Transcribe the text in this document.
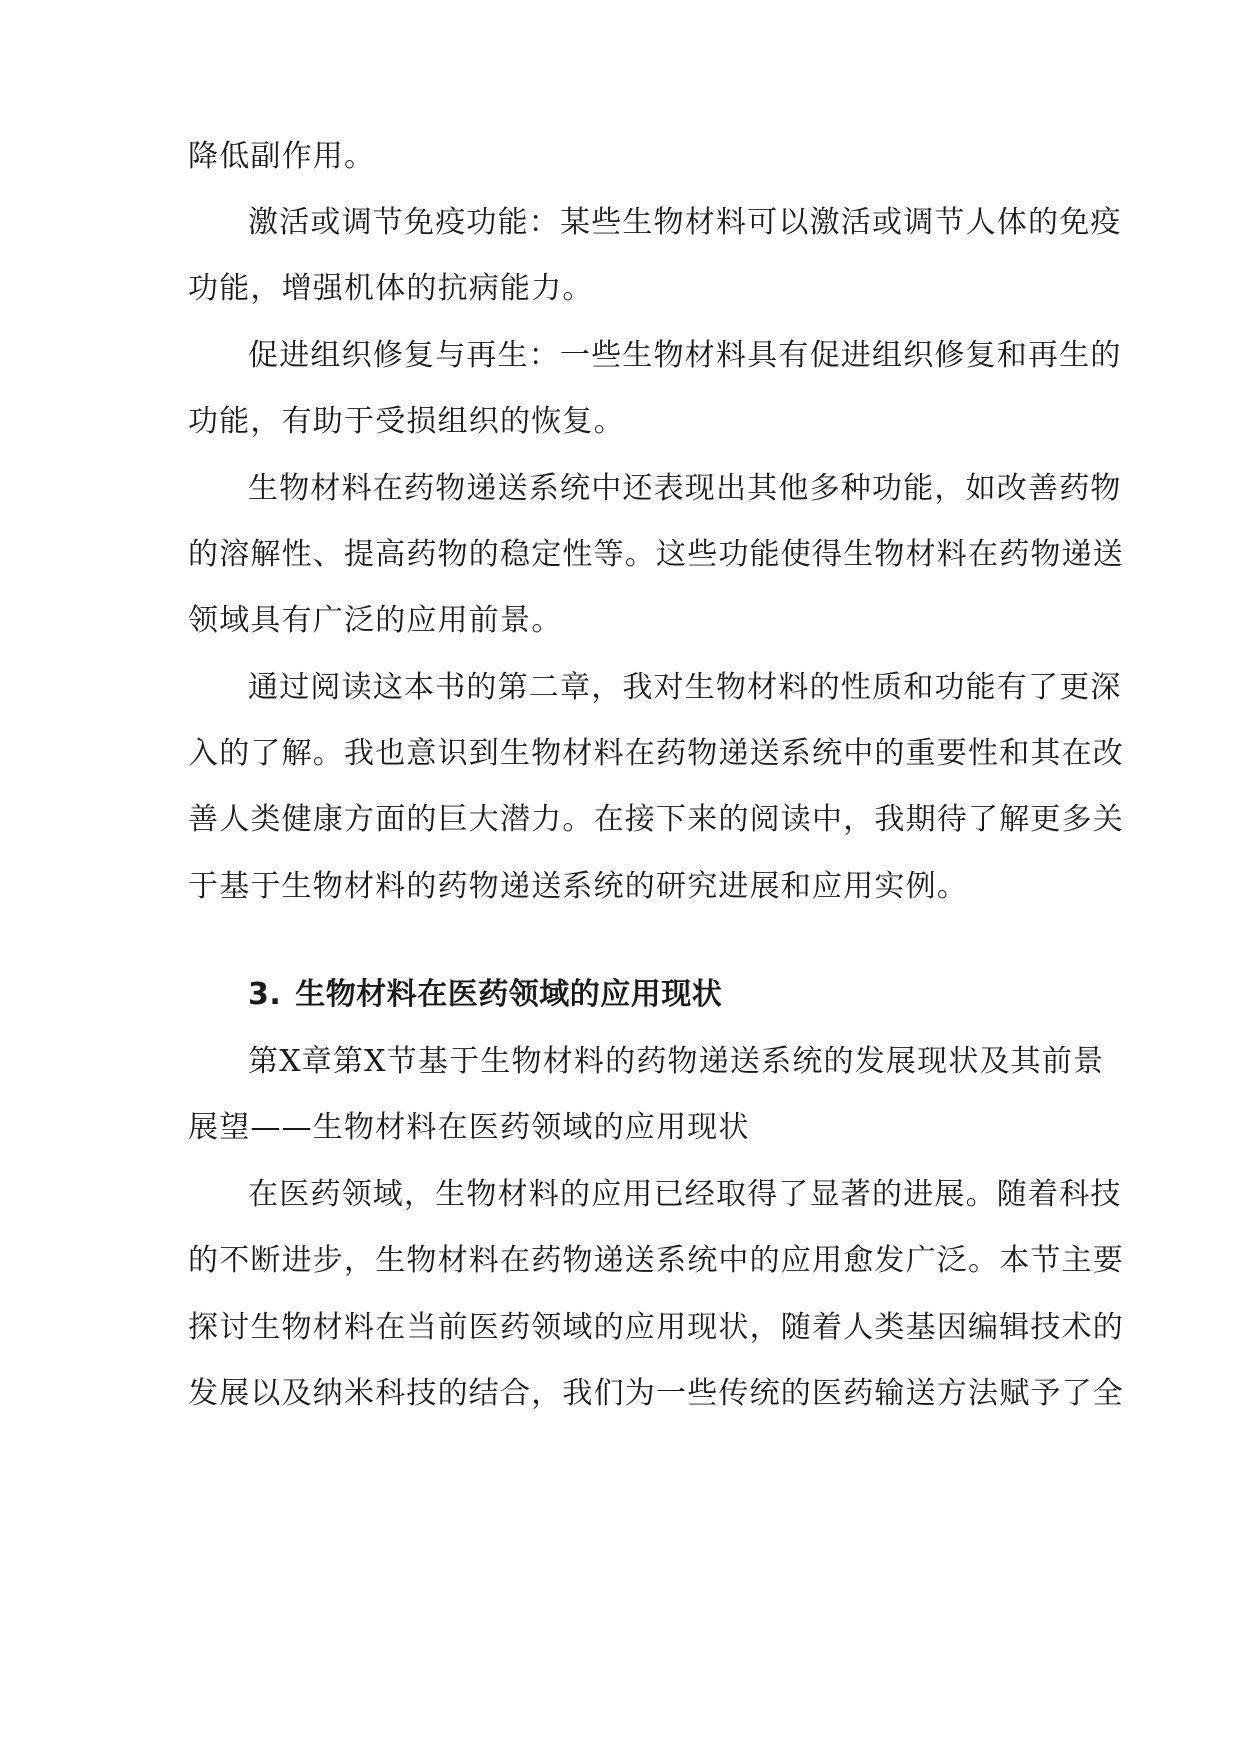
降低副作用。
激活或调节免疫功能：某些生物材料可以激活或调节人体的免疫
功能，增强机体的抗病能力。
促进组织修复与再生：一些生物材料具有促进组织修复和再生的
功能，有助于受损组织的恢复。
生物材料在药物递送系统中还表现出其他多种功能，如改善药物
的溶解性、提高药物的稳定性等。这些功能使得生物材料在药物递送
领域具有广泛的应用前景。
通过阅读这本书的第二章，我对生物材料的性质和功能有了更深
入的了解。我也意识到生物材料在药物递送系统中的重要性和其在改
善人类健康方面的巨大潜力。在接下来的阅读中，我期待了解更多关
于基于生物材料的药物递送系统的研究进展和应用实例。
3. 生物材料在医药领域的应用现状
第X章第X节基于生物材料的药物递送系统的发展现状及其前景
展望——生物材料在医药领域的应用现状
在医药领域，生物材料的应用已经取得了显著的进展。随着科技
的不断进步，生物材料在药物递送系统中的应用愈发广泛。本节主要
探讨生物材料在当前医药领域的应用现状，随着人类基因编辑技术的
发展以及纳米科技的结合，我们为一些传统的医药输送方法赋予了全
